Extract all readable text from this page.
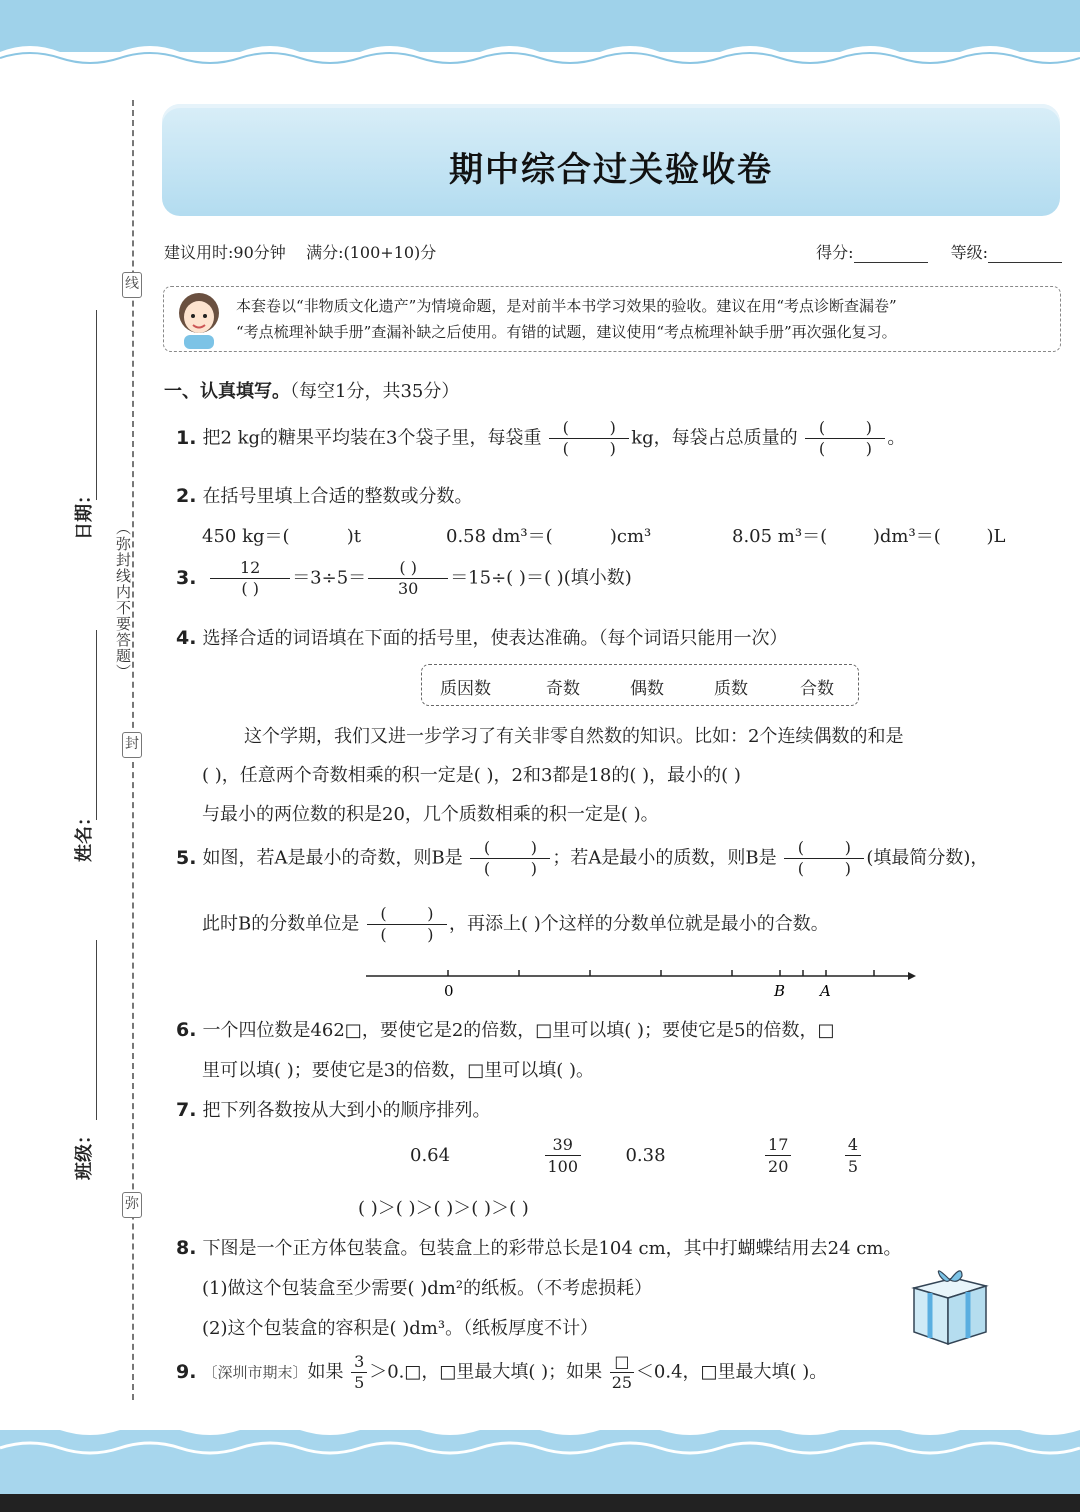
线
封
弥
日期：
姓名：
班级：
（弥封线内不要答题）
期中综合过关验收卷
建议用时:90分钟 满分:(100+10)分	得分:	等级:
本套卷以“非物质文化遗产”为情境命题，是对前半本书学习效果的验收。建议在用“考点诊断查漏卷”
“考点梳理补缺手册”查漏补缺之后使用。有错的试题，建议使用“考点梳理补缺手册”再次强化复习。
一、认真填写。（每空1分，共35分）
1. 把2 kg的糖果平均装在3个袋子里，每袋重 $\frac{( )}{( )}$ kg，每袋占总质量的 $\frac{( )}{( )}$ 。
2. 在括号里填上合适的整数或分数。
450 kg＝(	)t	0.58 dm³＝(	)cm³	8.05 m³＝(	)dm³＝(	)L
3. $\frac{12}{( )} =3\div 5= \frac{( )}{30} =15\div$( )＝( )(填小数)
4. 选择合适的词语填在下面的括号里，使表达准确。（每个词语只能用一次）
质因数	奇数	偶数	质数	合数
这个学期，我们又进一步学习了有关非零自然数的知识。比如：2个连续偶数的和是
( )，任意两个奇数相乘的积一定是( )，2和3都是18的( )，最小的( )
与最小的两位数的积是20，几个质数相乘的积一定是( )。
5. 如图，若A是最小的奇数，则B是 $\frac{( )}{( )}$ ；若A是最小的质数，则B是 $\frac{( )}{( )}$ (填最简分数)，
此时B的分数单位是 $\frac{( )}{( )}$ ，再添上( )个这样的分数单位就是最小的合数。
0	B A
6. 一个四位数是462□，要使它是2的倍数，□里可以填( )；要使它是5的倍数，□
里可以填( )；要使它是3的倍数，□里可以填( )。
7. 把下列各数按从大到小的顺序排列。
0.64	$\frac{39}{100} 0.38$	$\frac{17}{20} \frac{4}{5}$
( )＞( )＞( )＞( )＞( )
8. 下图是一个正方体包装盒。包装盒上的彩带总长是104 cm，其中打蝴蝶结用去24 cm。
(1)做这个包装盒至少需要( )dm²的纸板。（不考虑损耗）
(2)这个包装盒的容积是( )dm³。（纸板厚度不计）
9. 〔深圳市期末〕如果 $\frac{3}{5}$ ＞0.□，□里最大填( )；如果 $\frac{□}{25} <0.4$，□里最大填( )。
